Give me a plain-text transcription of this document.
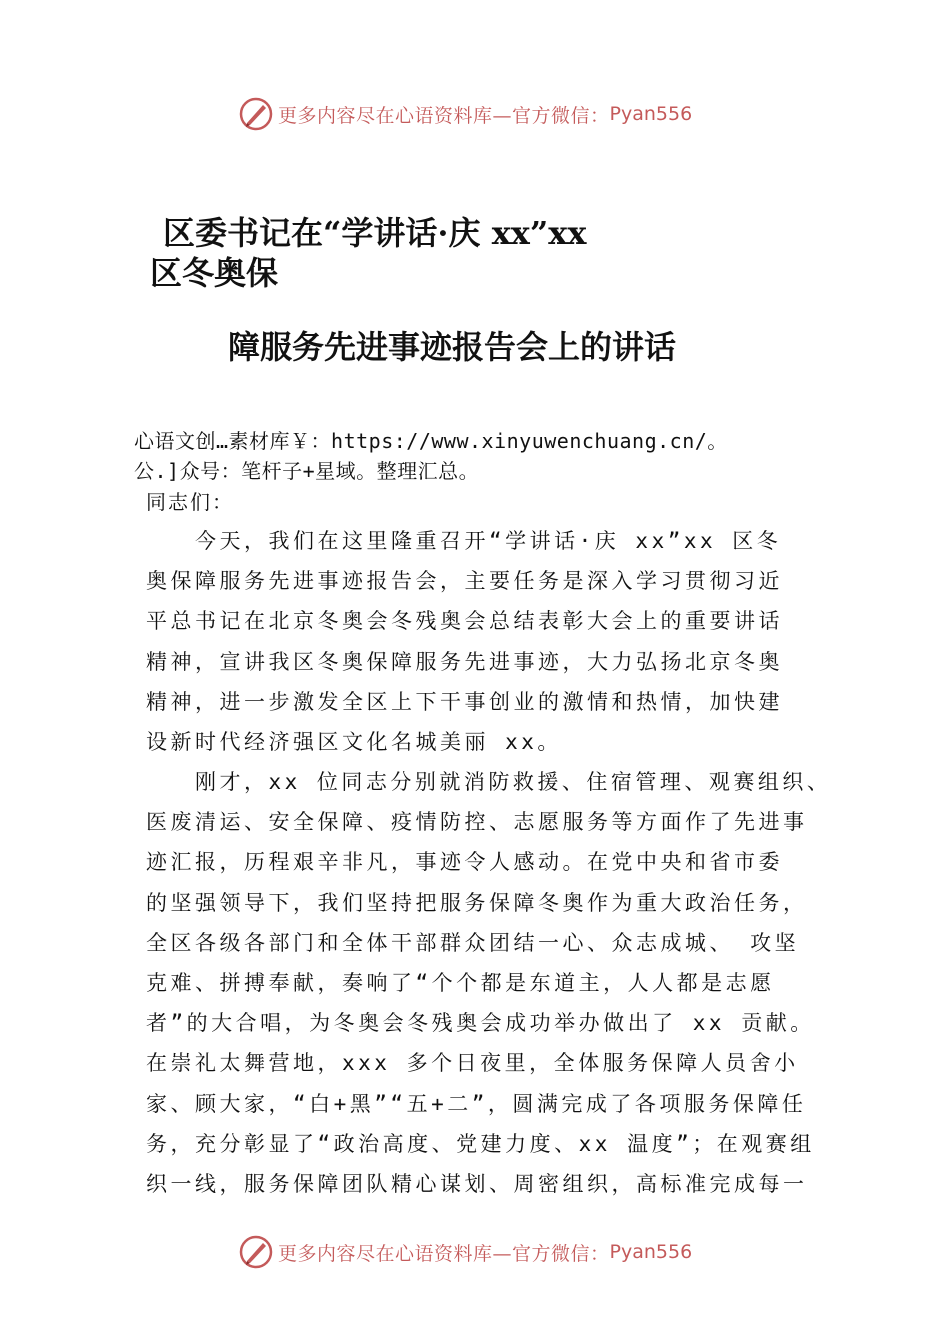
更多内容尽在心语资料库—官方微信： Pyan556
区委书记在“学讲话·庆 xx”xx
区冬奥保
障服务先进事迹报告会上的讲话

心语文创…素材库￥：https://www.xinyuwenchuang.cn/。

公.]众号：笔杆子+星域。整理汇总。

同志们：

　　今天，我们在这里隆重召开“学讲话·庆 xx”xx 区冬
奥保障服务先进事迹报告会，主要任务是深入学习贯彻习近
平总书记在北京冬奥会冬残奥会总结表彰大会上的重要讲话
精神，宣讲我区冬奥保障服务先进事迹，大力弘扬北京冬奥
精神，进一步激发全区上下干事创业的激情和热情，加快建
设新时代经济强区文化名城美丽 xx。
　　刚才，xx 位同志分别就消防救援、住宿管理、观赛组织、
医废清运、安全保障、疫情防控、志愿服务等方面作了先进事
迹汇报，历程艰辛非凡，事迹令人感动。在党中央和省市委
的坚强领导下，我们坚持把服务保障冬奥作为重大政治任务，
全区各级各部门和全体干部群众团结一心、众志成城、 攻坚
克难、拼搏奉献，奏响了“个个都是东道主，人人都是志愿
者”的大合唱，为冬奥会冬残奥会成功举办做出了 xx 贡献。
在崇礼太舞营地，xxx 多个日夜里，全体服务保障人员舍小
家、顾大家，“白+黑”“五+二”，圆满完成了各项服务保障任
务，充分彰显了“政治高度、党建力度、xx 温度”；在观赛组
织一线，服务保障团队精心谋划、周密组织，高标准完成每一
更多内容尽在心语资料库—官方微信： Pyan556
